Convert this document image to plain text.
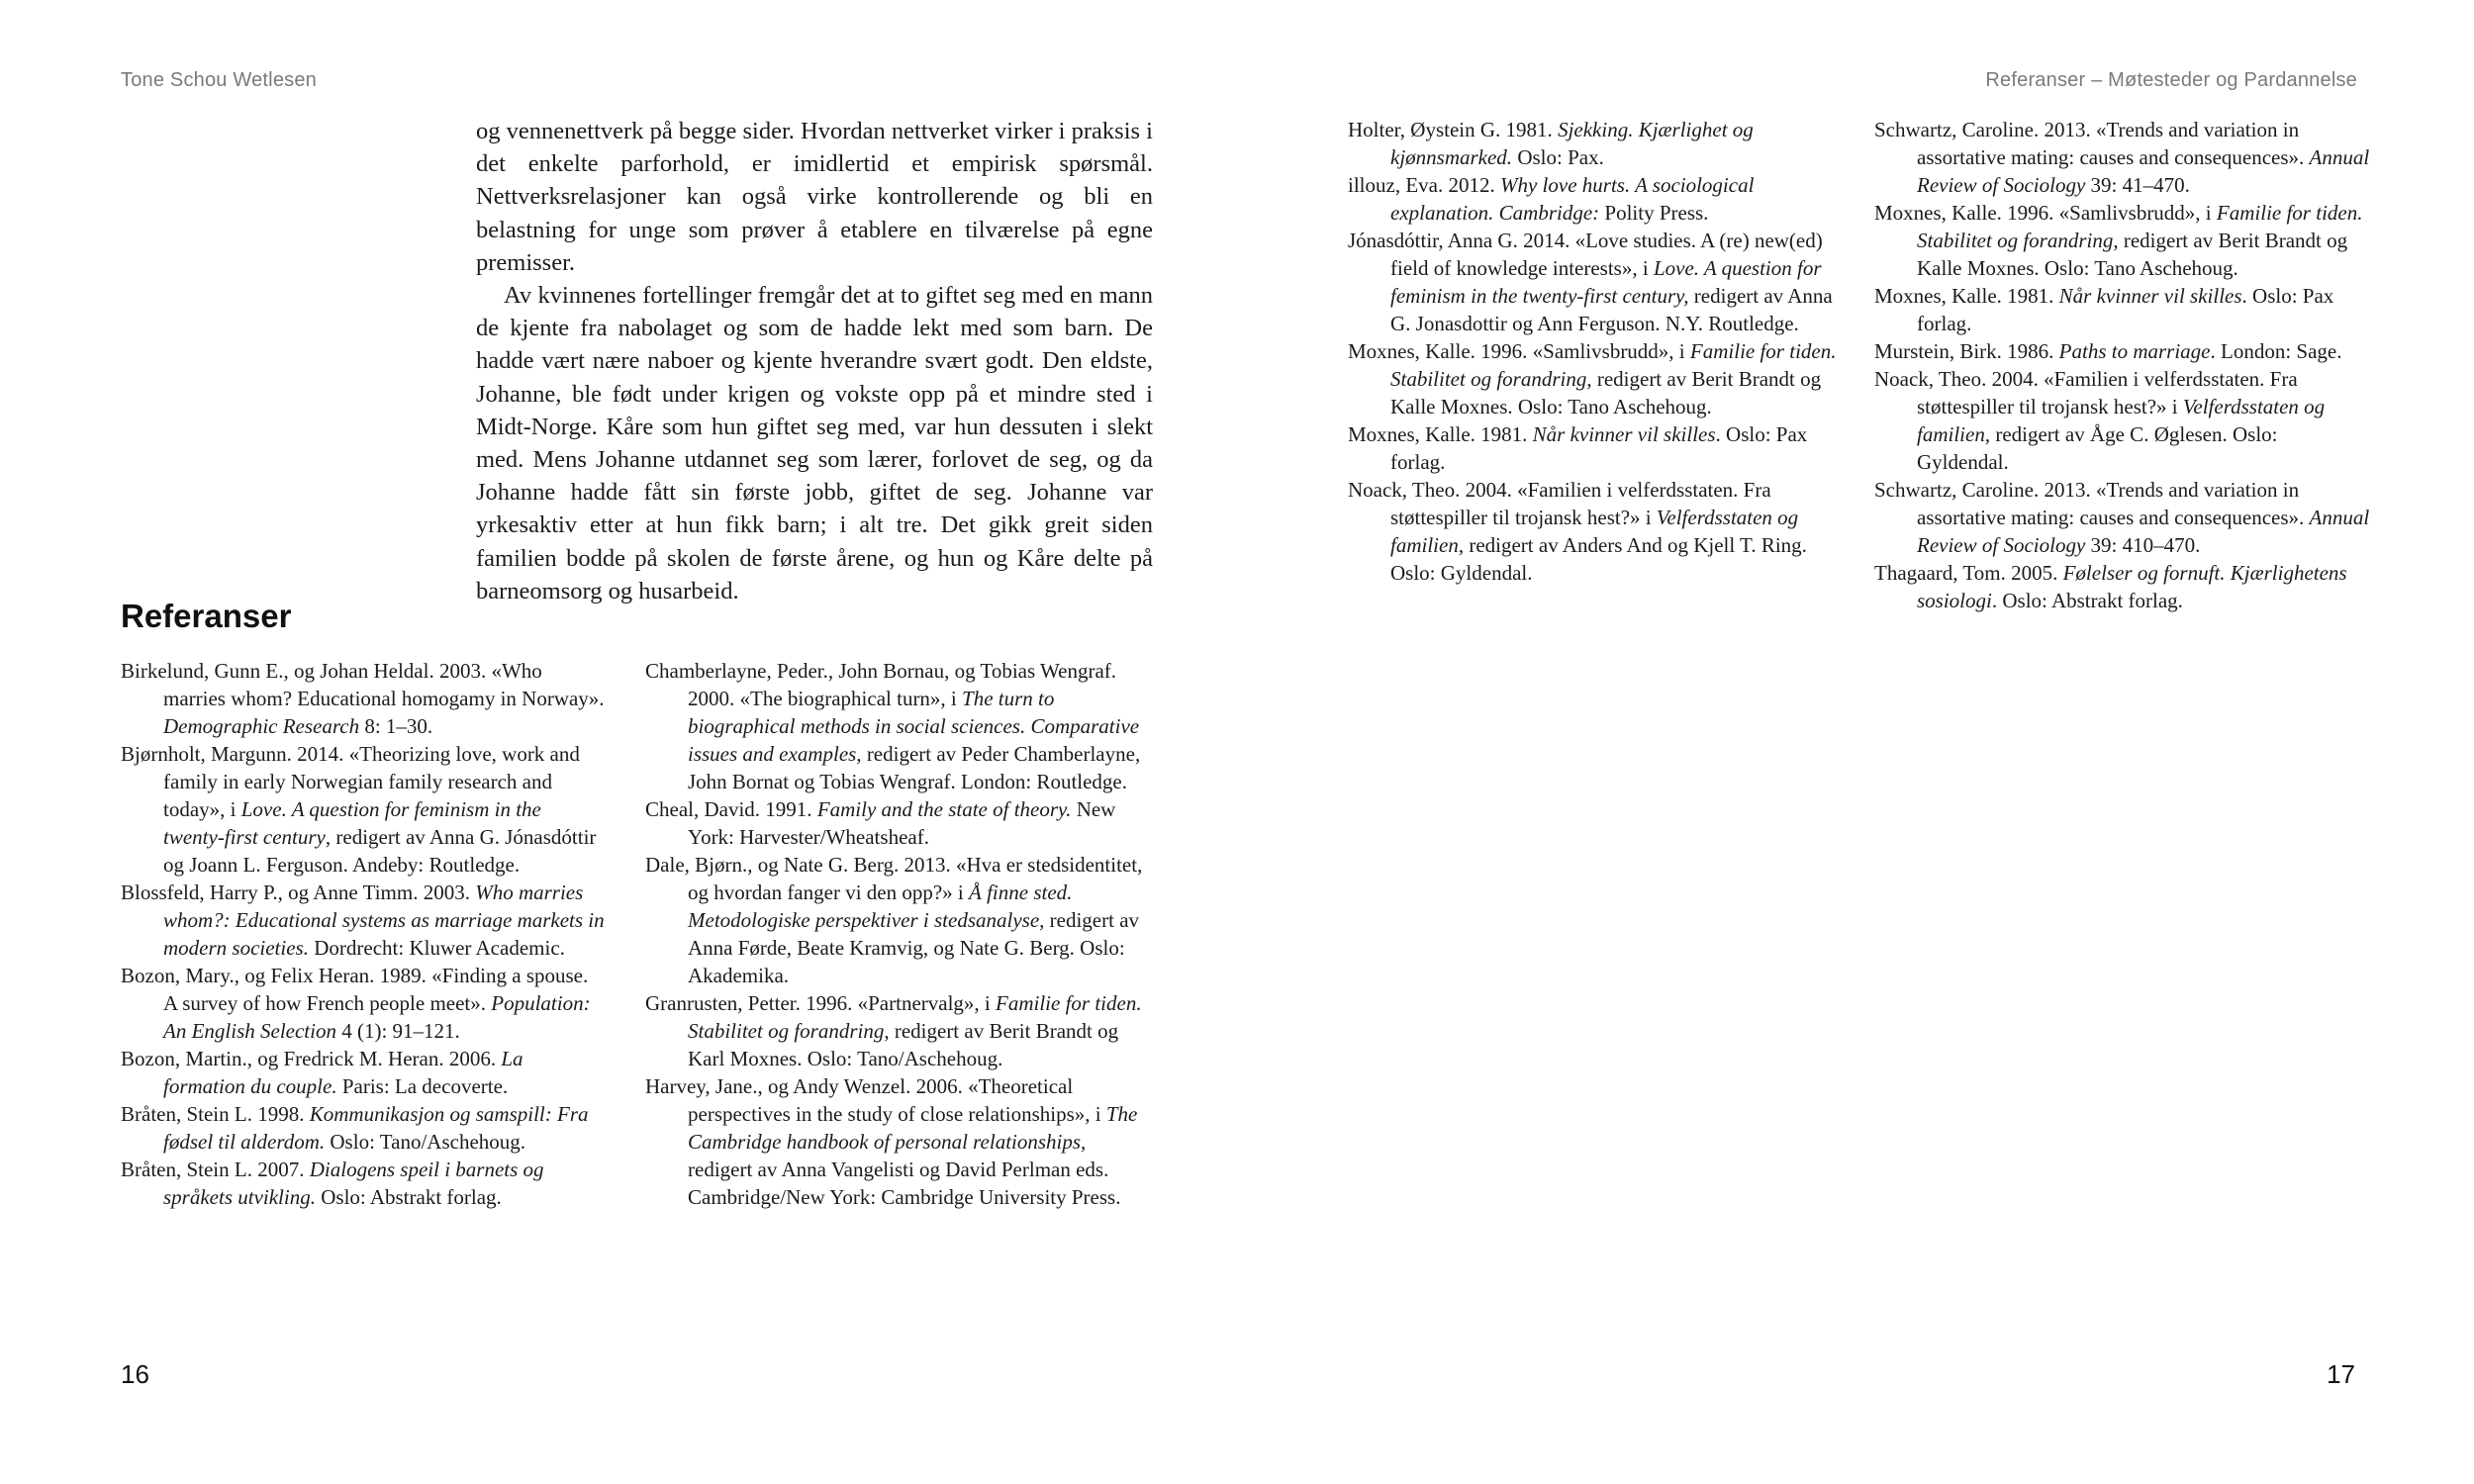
Tone Schou Wetlesen	Referanser – Møtesteder og Pardannelse

og vennenettverk på begge sider. Hvordan nettverket virker i praksis i det enkelte parforhold, er imidlertid et empirisk spørsmål. Nettverksrelasjoner kan også virke kontrollerende og bli en belastning for unge som prøver å etablere en tilværelse på egne premisser.

Av kvinnenes fortellinger fremgår det at to giftet seg med en mann de kjente fra nabolaget og som de hadde lekt med som barn. De hadde vært nære naboer og kjente hverandre svært godt. Den eldste, Johanne, ble født under krigen og vokste opp på et mindre sted i Midt-Norge. Kåre som hun giftet seg med, var hun dessuten i slekt med. Mens Johanne utdannet seg som lærer, forlovet de seg, og da Johanne hadde fått sin første jobb, giftet de seg. Johanne var yrkesaktiv etter at hun fikk barn; i alt tre. Det gikk greit siden familien bodde på skolen de første årene, og hun og Kåre delte på barneomsorg og husarbeid.

Referanser

Birkelund, Gunn E., og Johan Heldal. 2003. «Who marries whom? Educational homogamy in Norway». Demographic Research 8: 1–30.

Bjørnholt, Margunn. 2014. «Theorizing love, work and family in early Norwegian family research and today», i Love. A question for feminism in the twenty-first century, redigert av Anna G. Jónasdóttir og Joann L. Ferguson. Andeby: Routledge.

Blossfeld, Harry P., og Anne Timm. 2003. Who marries whom?: Educational systems as marriage markets in modern societies. Dordrecht: Kluwer Academic.

Bozon, Mary., og Felix Heran. 1989. «Finding a spouse. A survey of how French people meet». Population: An English Selection 4 (1): 91–121.

Bozon, Martin., og Fredrick M. Heran. 2006. La formation du couple. Paris: La decoverte.

Bråten, Stein L. 1998. Kommunikasjon og samspill: Fra fødsel til alderdom. Oslo: Tano/Aschehoug.

Bråten, Stein L. 2007. Dialogens speil i barnets og språkets utvikling. Oslo: Abstrakt forlag.

Chamberlayne, Peder., John Bornau, og Tobias Wengraf. 2000. «The biographical turn», i The turn to biographical methods in social sciences. Comparative issues and examples, redigert av Peder Chamberlayne, John Bornat og Tobias Wengraf. London: Routledge.

Cheal, David. 1991. Family and the state of theory. New York: Harvester/Wheatsheaf.

Dale, Bjørn., og Nate G. Berg. 2013. «Hva er stedsidentitet, og hvordan fanger vi den opp?» i Å finne sted. Metodologiske perspektiver i stedsanalyse, redigert av Anna Førde, Beate Kramvig, og Nate G. Berg. Oslo: Akademika.

Granrusten, Petter. 1996. «Partnervalg», i Familie for tiden. Stabilitet og forandring, redigert av Berit Brandt og Karl Moxnes. Oslo: Tano/Aschehoug.

Harvey, Jane., og Andy Wenzel. 2006. «Theoretical perspectives in the study of close relationships», i The Cambridge handbook of personal relationships, redigert av Anna Vangelisti og David Perlman eds. Cambridge/New York: Cambridge University Press.

Holter, Øystein G. 1981. Sjekking. Kjærlighet og kjønnsmarked. Oslo: Pax.

illouz, Eva. 2012. Why love hurts. A sociological explanation. Cambridge: Polity Press.

Jónasdóttir, Anna G. 2014. «Love studies. A (re) new(ed) field of knowledge interests», i Love. A question for feminism in the twenty-first century, redigert av Anna G. Jonasdottir og Ann Ferguson. N.Y. Routledge.

Moxnes, Kalle. 1996. «Samlivsbrudd», i Familie for tiden. Stabilitet og forandring, redigert av Berit Brandt og Kalle Moxnes. Oslo: Tano Aschehoug.

Moxnes, Kalle. 1981. Når kvinner vil skilles. Oslo: Pax forlag.

Noack, Theo. 2004. «Familien i velferdsstaten. Fra støttespiller til trojansk hest?» i Velferdsstaten og familien, redigert av Anders And og Kjell T. Ring. Oslo: Gyldendal.

Schwartz, Caroline. 2013. «Trends and variation in assortative mating: causes and consequences». Annual Review of Sociology 39: 41–470.

Moxnes, Kalle. 1996. «Samlivsbrudd», i Familie for tiden. Stabilitet og forandring, redigert av Berit Brandt og Kalle Moxnes. Oslo: Tano Aschehoug.

Moxnes, Kalle. 1981. Når kvinner vil skilles. Oslo: Pax forlag.

Murstein, Birk. 1986. Paths to marriage. London: Sage.

Noack, Theo. 2004. «Familien i velferdsstaten. Fra støttespiller til trojansk hest?» i Velferdsstaten og familien, redigert av Åge C. Øglesen. Oslo: Gyldendal.

Schwartz, Caroline. 2013. «Trends and variation in assortative mating: causes and consequences». Annual Review of Sociology 39: 410–470.

Thagaard, Tom. 2005. Følelser og fornuft. Kjærlighetens sosiologi. Oslo: Abstrakt forlag.

16	17
